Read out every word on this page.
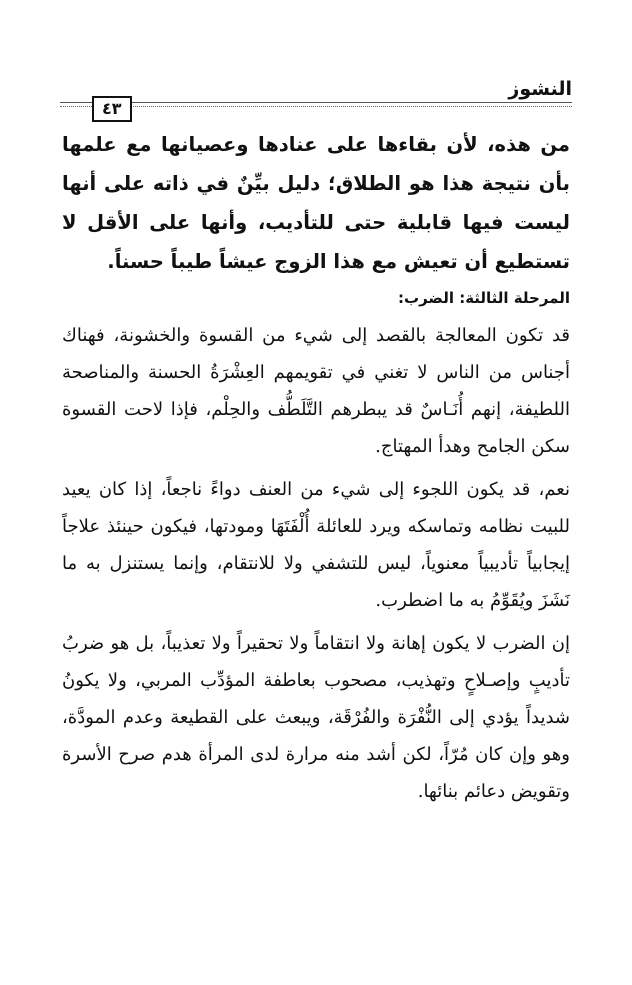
النشوز
٤٣

من هذه، لأن بقاءها على عنادها وعصيانها مع علمها بأن نتيجة هذا هو الطلاق؛ دليل بيِّنٌ في ذاته على أنها ليست فيها قابلية حتى للتأديب، وأنها على الأقل لا تستطيع أن تعيش مع هذا الزوج عيشاً طيباً حسناً.

المرحلة الثالثة: الضرب:

قد تكون المعالجة بالقصد إلى شيء من القسوة والخشونة، فهناك أجناس من الناس لا تغني في تقويمهم العِشْرَةُ الحسنة والمناصحة اللطيفة، إنهم أُنَـاسٌ قد يبطرهم التَّلَطُّف والحِلْم، فإذا لاحت القسوة سكن الجامح وهدأ المهتاج.

نعم، قد يكون اللجوء إلى شيء من العنف دواءً ناجعاً، إذا كان يعيد للبيت نظامه وتماسكه ويرد للعائلة أُلْفَتَهَا ومودتها، فيكون حينئذ علاجاً إيجابياً تأديبياً معنوياً، ليس للتشفي ولا للانتقام، وإنما يستنزل به ما نَشَزَ ويُقَوِّمُ به ما اضطرب.

إن الضرب لا يكون إهانة ولا انتقاماً ولا تحقيراً ولا تعذيباً، بل هو ضربُ تأديبٍ وإصـلاحٍ وتهذيب، مصحوب بعاطفة المؤدِّب المربي، ولا يكونُ شديداً يؤدي إلى النُّفْرَة والفُرْقَة، ويبعث على القطيعة وعدم المودَّة، وهو وإن كان مُرّاً، لكن أشد منه مرارة لدى المرأة هدم صرح الأسرة وتقويض دعائم بنائها.
